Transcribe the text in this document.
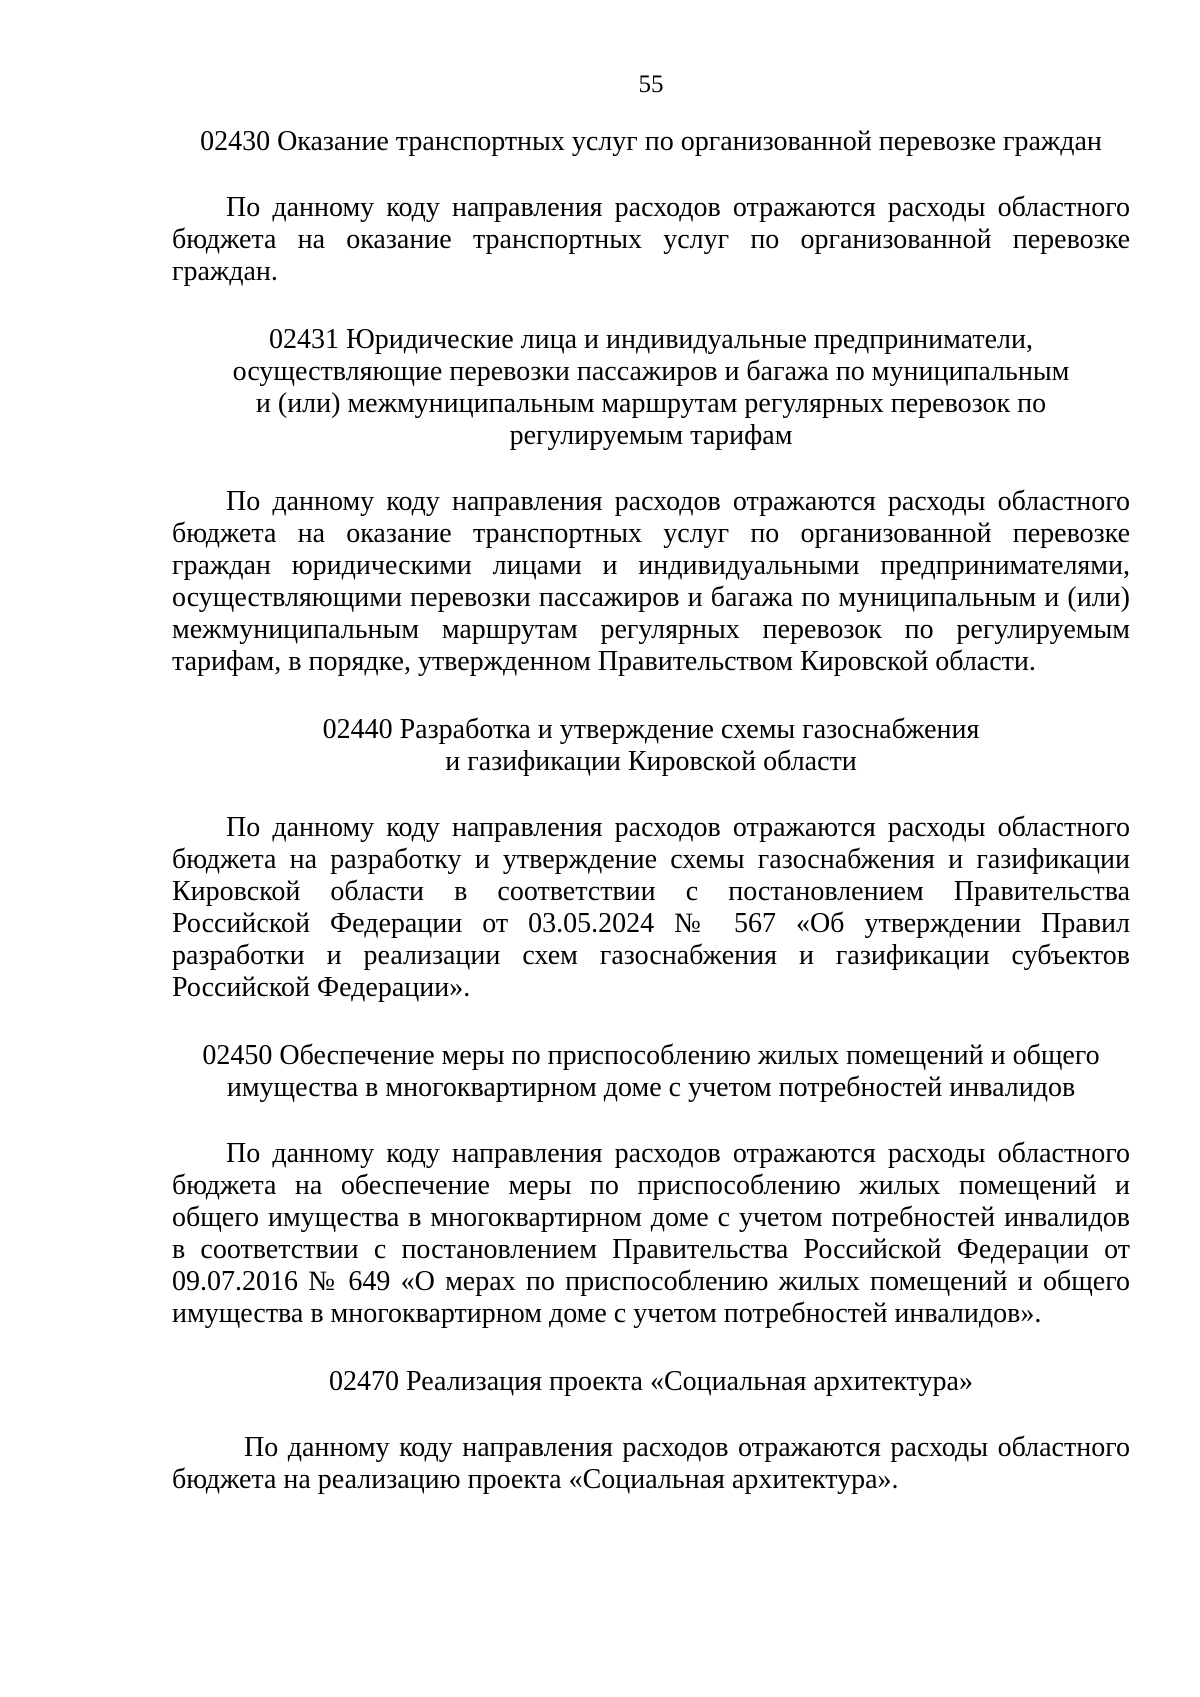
55
02430 Оказание транспортных услуг по организованной перевозке граждан
По данному коду направления расходов отражаются расходы областного
бюджета на оказание транспортных услуг по организованной перевозке
граждан.
02431 Юридические лица и индивидуальные предприниматели,
осуществляющие перевозки пассажиров и багажа по муниципальным
и (или) межмуниципальным маршрутам регулярных перевозок по
регулируемым тарифам
По данному коду направления расходов отражаются расходы областного
бюджета на оказание транспортных услуг по организованной перевозке
граждан юридическими лицами и индивидуальными предпринимателями,
осуществляющими перевозки пассажиров и багажа по муниципальным и (или)
межмуниципальным маршрутам регулярных перевозок по регулируемым
тарифам, в порядке, утвержденном Правительством Кировской области.
02440 Разработка и утверждение схемы газоснабжения
и газификации Кировской области
По данному коду направления расходов отражаются расходы областного
бюджета на разработку и утверждение схемы газоснабжения и газификации
Кировской области в соответствии с постановлением Правительства
Российской Федерации от 03.05.2024 № 567 «Об утверждении Правил
разработки и реализации схем газоснабжения и газификации субъектов
Российской Федерации».
02450 Обеспечение меры по приспособлению жилых помещений и общего
имущества в многоквартирном доме с учетом потребностей инвалидов
По данному коду направления расходов отражаются расходы областного
бюджета на обеспечение меры по приспособлению жилых помещений и
общего имущества в многоквартирном доме с учетом потребностей инвалидов
в соответствии с постановлением Правительства Российской Федерации от
09.07.2016 № 649 «О мерах по приспособлению жилых помещений и общего
имущества в многоквартирном доме с учетом потребностей инвалидов».
02470 Реализация проекта «Социальная архитектура»
По данному коду направления расходов отражаются расходы областного
бюджета на реализацию проекта «Социальная архитектура».
